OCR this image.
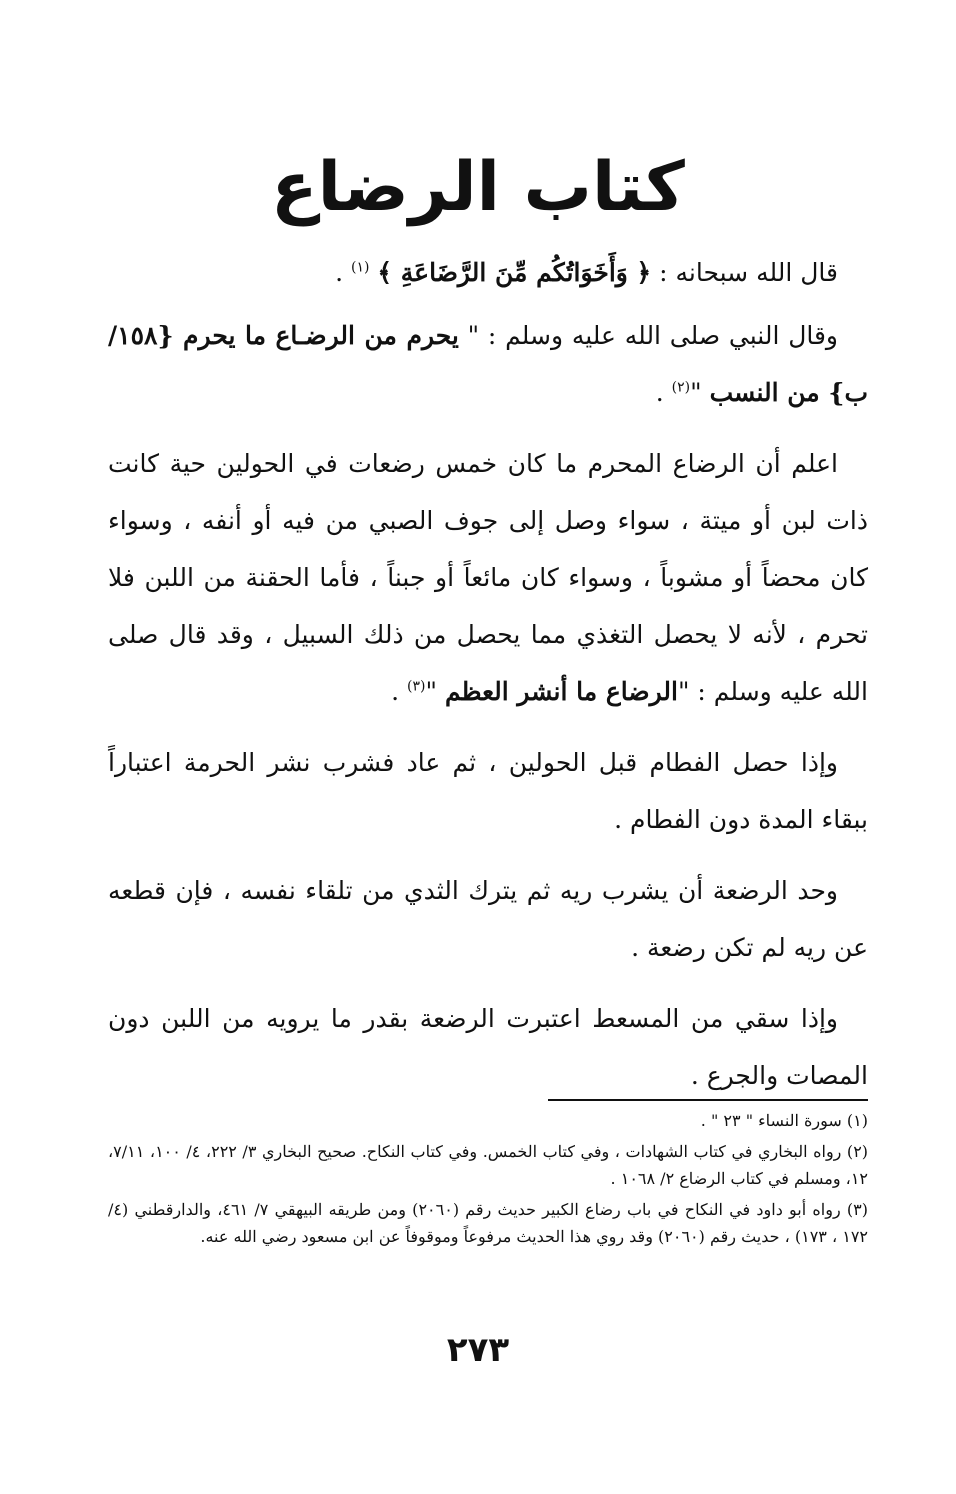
كتاب الرضاع

قال الله سبحانه : ﴿ وَأَخَوَاتُكُم مِّنَ الرَّضَاعَةِ ﴾ $^{(١)}$ .

وقال النبي صلى الله عليه وسلم : " يحرم من الرضـاع ما يحرم {١٥٨/ ب} من النسب "$^{(٢)}$ .

اعلم أن الرضاع المحرم ما كان خمس رضعات في الحولين حية كانت ذات لبن أو ميتة ، سواء وصل إلى جوف الصبي من فيه أو أنفه ، وسواء كان محضاً أو مشوباً ، وسواء كان مائعاً أو جبناً ، فأما الحقنة من اللبن فلا تحرم ، لأنه لا يحصل التغذي مما يحصل من ذلك السبيل ، وقد قال صلى الله عليه وسلم : "الرضاع ما أنشر العظم "$^{(٣)}$ .

وإذا حصل الفطام قبل الحولين ، ثم عاد فشرب نشر الحرمة اعتباراً ببقاء المدة دون الفطام .

وحد الرضعة أن يشرب ريه ثم يترك الثدي من تلقاء نفسه ، فإن قطعه عن ريه لم تكن رضعة .

وإذا سقي من المسعط اعتبرت الرضعة بقدر ما يرويه من اللبن دون المصات والجرع .

(١) سورة النساء " ٢٣ " .

(٢) رواه البخاري في كتاب الشهادات ، وفي كتاب الخمس. وفي كتاب النكاح. صحيح البخاري ٣/ ٢٢٢، ٤/ ١٠٠، ٧/١١، ١٢، ومسلم في كتاب الرضاع ٢/ ١٠٦٨ .

(٣) رواه أبو داود في النكاح في باب رضاع الكبير حديث رقم (٢٠٦٠) ومن طريقه البيهقي ٧/ ٤٦١، والدارقطني (٤/ ١٧٢ ، ١٧٣) ، حديث رقم (٢٠٦٠) وقد روي هذا الحديث مرفوعاً وموقوفاً عن ابن مسعود رضي الله عنه.

٢٧٣
